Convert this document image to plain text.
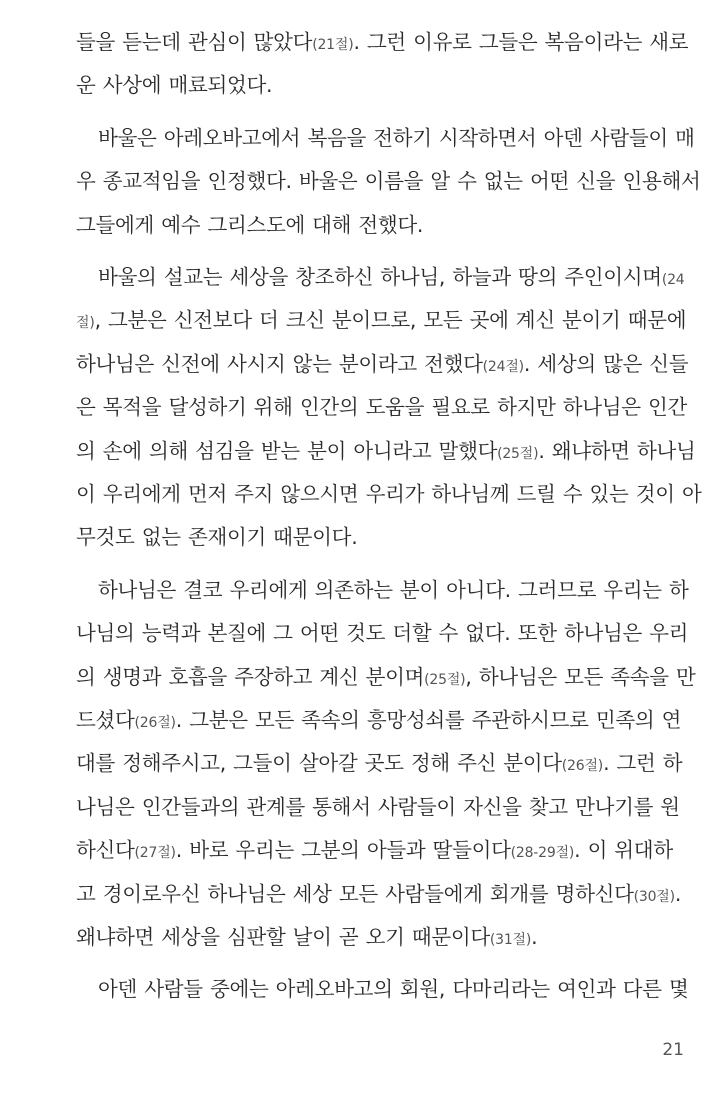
들을 듣는데 관심이 많았다(21절). 그런 이유로 그들은 복음이라는 새로
운 사상에 매료되었다.
바울은 아레오바고에서 복음을 전하기 시작하면서 아덴 사람들이 매
우 종교적임을 인정했다. 바울은 이름을 알 수 없는 어떤 신을 인용해서
그들에게 예수 그리스도에 대해 전했다.
바울의 설교는 세상을 창조하신 하나님, 하늘과 땅의 주인이시며(24
절), 그분은 신전보다 더 크신 분이므로, 모든 곳에 계신 분이기 때문에
하나님은 신전에 사시지 않는 분이라고 전했다(24절). 세상의 많은 신들
은 목적을 달성하기 위해 인간의 도움을 필요로 하지만 하나님은 인간
의 손에 의해 섬김을 받는 분이 아니라고 말했다(25절). 왜냐하면 하나님
이 우리에게 먼저 주지 않으시면 우리가 하나님께 드릴 수 있는 것이 아
무것도 없는 존재이기 때문이다.
하나님은 결코 우리에게 의존하는 분이 아니다. 그러므로 우리는 하
나님의 능력과 본질에 그 어떤 것도 더할 수 없다. 또한 하나님은 우리
의 생명과 호흡을 주장하고 계신 분이며(25절), 하나님은 모든 족속을 만
드셨다(26절). 그분은 모든 족속의 흥망성쇠를 주관하시므로 민족의 연
대를 정해주시고, 그들이 살아갈 곳도 정해 주신 분이다(26절). 그런 하
나님은 인간들과의 관계를 통해서 사람들이 자신을 찾고 만나기를 원
하신다(27절). 바로 우리는 그분의 아들과 딸들이다(28-29절). 이 위대하
고 경이로우신 하나님은 세상 모든 사람들에게 회개를 명하신다(30절).
왜냐하면 세상을 심판할 날이 곧 오기 때문이다(31절).
아덴 사람들 중에는 아레오바고의 회원, 다마리라는 여인과 다른 몇
21
